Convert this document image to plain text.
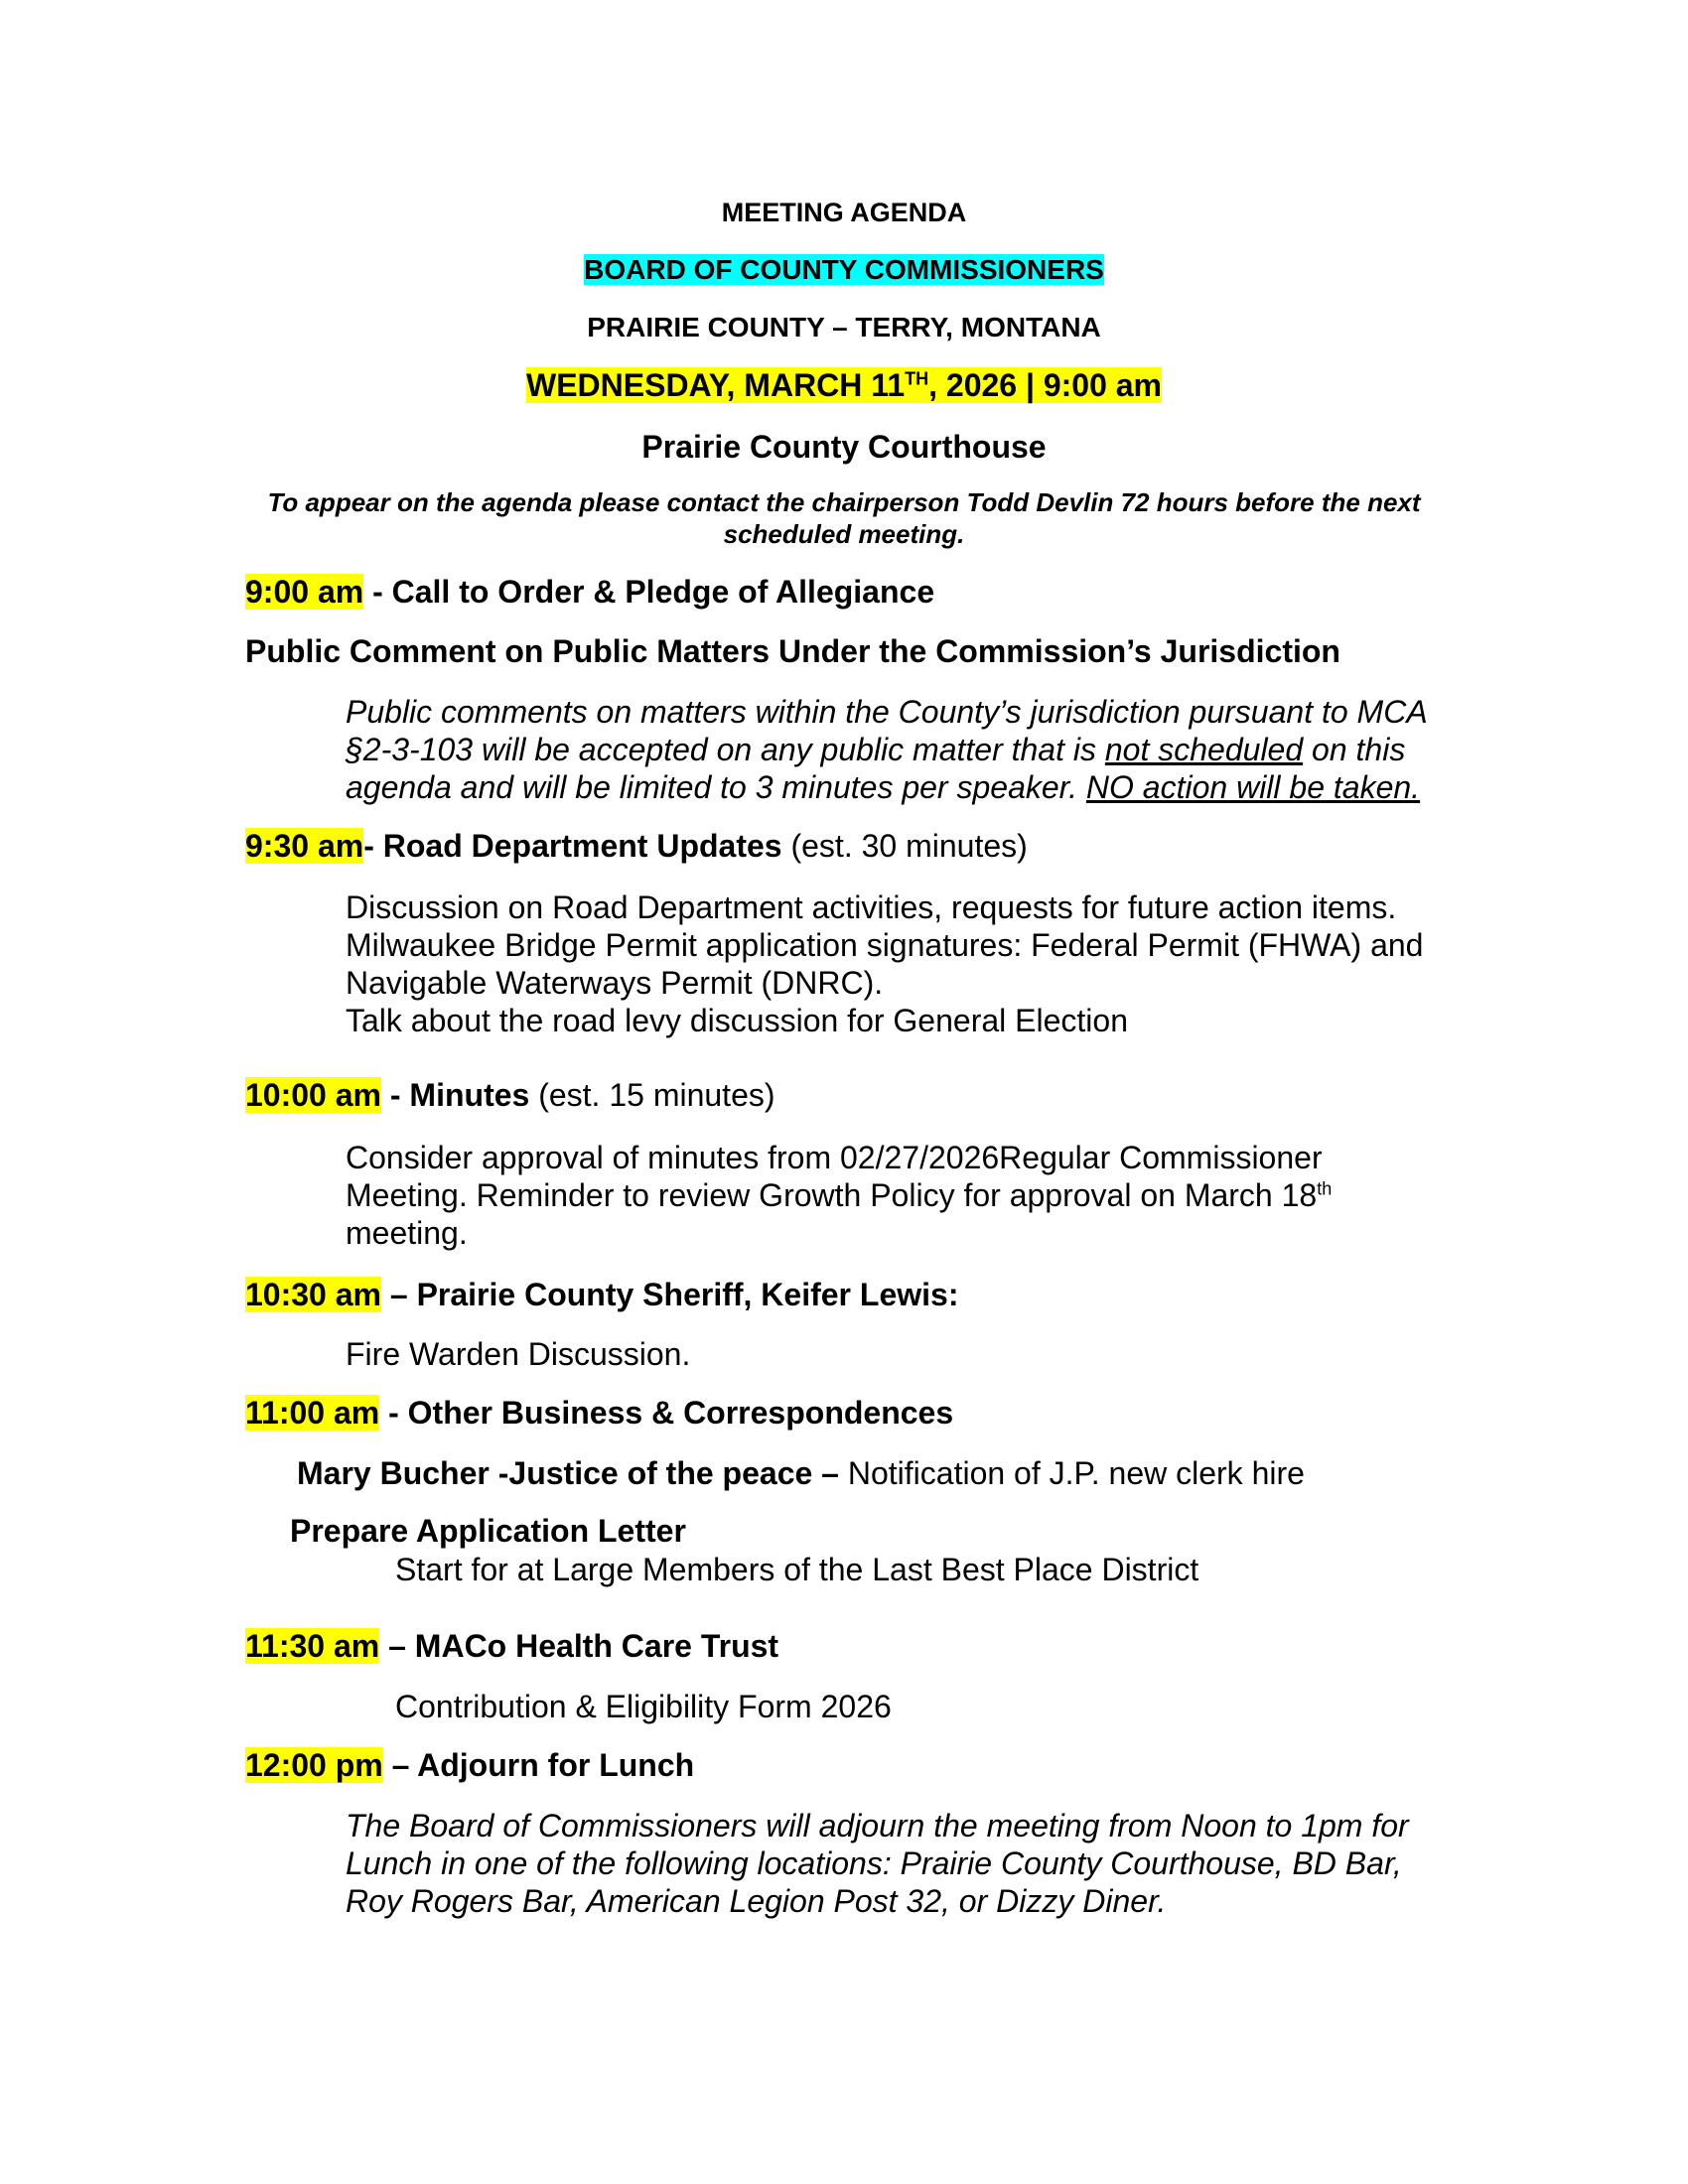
MEETING AGENDA
BOARD OF COUNTY COMMISSIONERS
PRAIRIE COUNTY – TERRY, MONTANA
WEDNESDAY, MARCH 11TH, 2026 | 9:00 am
Prairie County Courthouse
To appear on the agenda please contact the chairperson Todd Devlin 72 hours before the next
scheduled meeting.
9:00 am - Call to Order & Pledge of Allegiance
Public Comment on Public Matters Under the Commission’s Jurisdiction
Public comments on matters within the County’s jurisdiction pursuant to MCA
§2-3-103 will be accepted on any public matter that is not scheduled on this
agenda and will be limited to 3 minutes per speaker. NO action will be taken.
9:30 am- Road Department Updates (est. 30 minutes)
Discussion on Road Department activities, requests for future action items.
Milwaukee Bridge Permit application signatures: Federal Permit (FHWA) and
Navigable Waterways Permit (DNRC).
Talk about the road levy discussion for General Election
10:00 am - Minutes (est. 15 minutes)
Consider approval of minutes from 02/27/2026Regular Commissioner
Meeting. Reminder to review Growth Policy for approval on March 18th
meeting.
10:30 am – Prairie County Sheriff, Keifer Lewis:
Fire Warden Discussion.
11:00 am - Other Business & Correspondences
Mary Bucher -Justice of the peace – Notification of J.P. new clerk hire
Prepare Application Letter
Start for at Large Members of the Last Best Place District
11:30 am – MACo Health Care Trust
Contribution & Eligibility Form 2026
12:00 pm – Adjourn for Lunch
The Board of Commissioners will adjourn the meeting from Noon to 1pm for
Lunch in one of the following locations: Prairie County Courthouse, BD Bar,
Roy Rogers Bar, American Legion Post 32, or Dizzy Diner.
